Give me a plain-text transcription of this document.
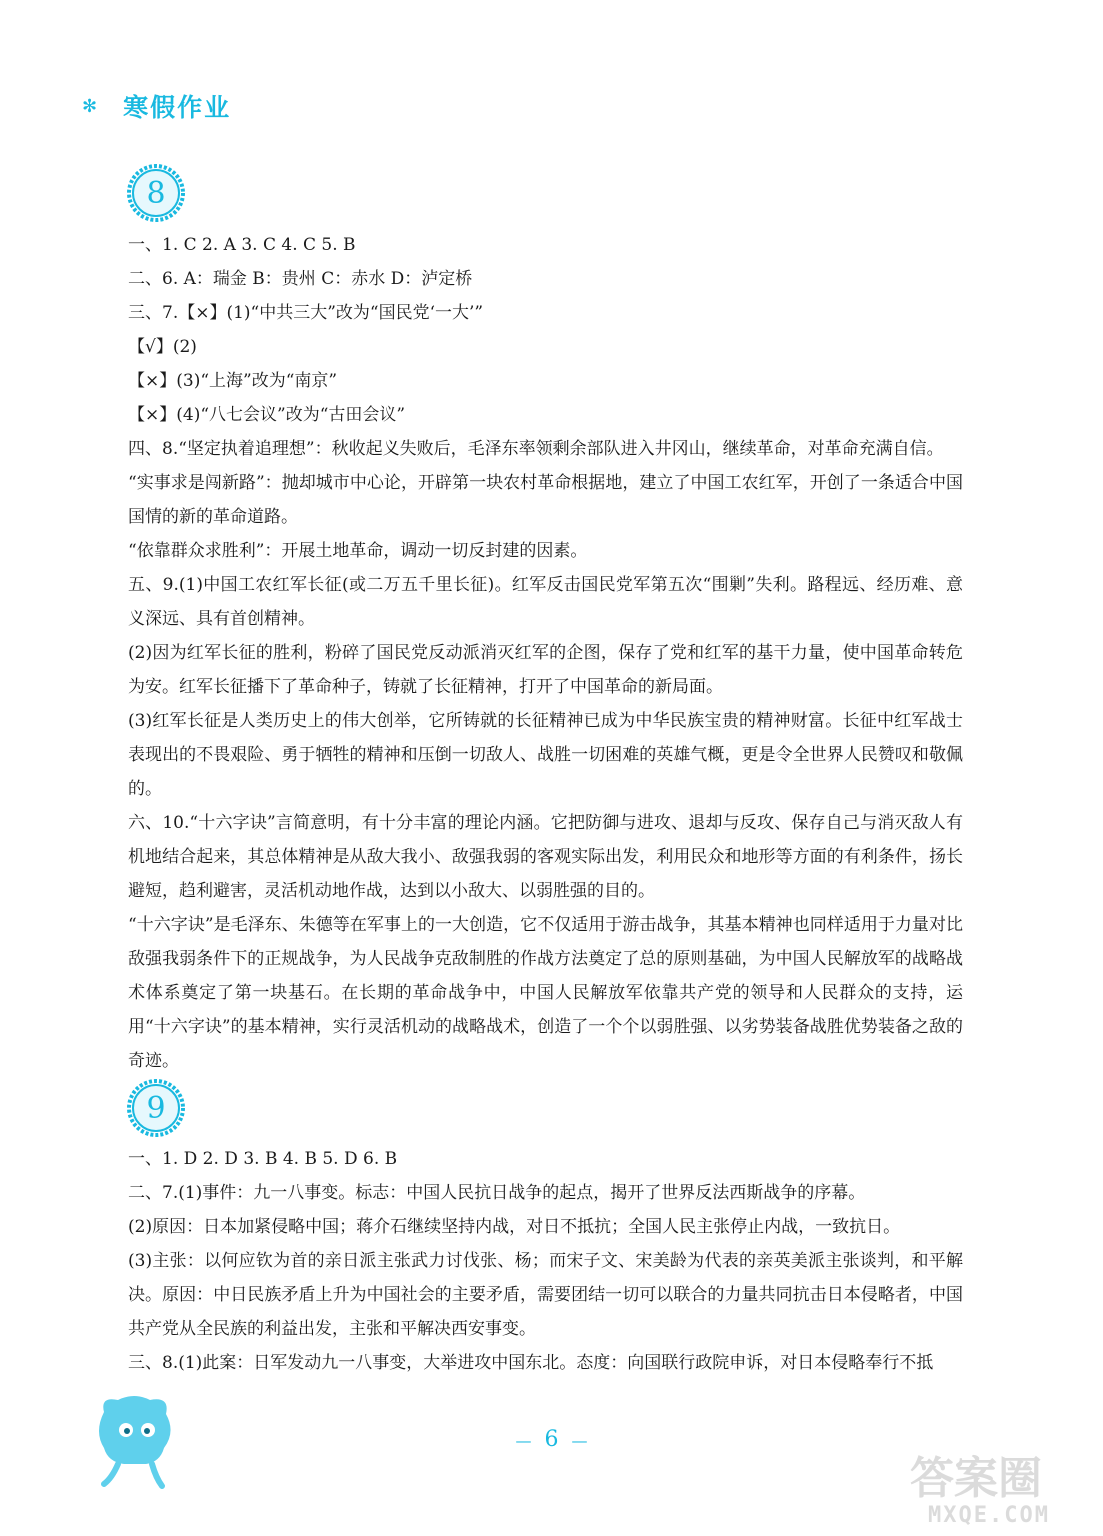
✻ 寒假作业
8
一、1. C 2. A 3. C 4. C 5. B
二、6. A：瑞金 B：贵州 C：赤水 D：泸定桥
三、7.【×】(1)“中共三大”改为“国民党‘一大’”
【√】(2)
【×】(3)“上海”改为“南京”
【×】(4)“八七会议”改为“古田会议”
四、8.“坚定执着追理想”：秋收起义失败后，毛泽东率领剩余部队进入井冈山，继续革命，对革命充满自信。
“实事求是闯新路”：抛却城市中心论，开辟第一块农村革命根据地，建立了中国工农红军，开创了一条适合中国国情的新的革命道路。
“依靠群众求胜利”：开展土地革命，调动一切反封建的因素。
五、9.(1)中国工农红军长征(或二万五千里长征)。红军反击国民党军第五次“围剿”失利。路程远、经历难、意义深远、具有首创精神。
(2)因为红军长征的胜利，粉碎了国民党反动派消灭红军的企图，保存了党和红军的基干力量，使中国革命转危为安。红军长征播下了革命种子，铸就了长征精神，打开了中国革命的新局面。
(3)红军长征是人类历史上的伟大创举，它所铸就的长征精神已成为中华民族宝贵的精神财富。长征中红军战士表现出的不畏艰险、勇于牺牲的精神和压倒一切敌人、战胜一切困难的英雄气概，更是令全世界人民赞叹和敬佩的。
六、10.“十六字诀”言简意明，有十分丰富的理论内涵。它把防御与进攻、退却与反攻、保存自己与消灭敌人有机地结合起来，其总体精神是从敌大我小、敌强我弱的客观实际出发，利用民众和地形等方面的有利条件，扬长避短，趋利避害，灵活机动地作战，达到以小敌大、以弱胜强的目的。
“十六字诀”是毛泽东、朱德等在军事上的一大创造，它不仅适用于游击战争，其基本精神也同样适用于力量对比敌强我弱条件下的正规战争，为人民战争克敌制胜的作战方法奠定了总的原则基础，为中国人民解放军的战略战术体系奠定了第一块基石。在长期的革命战争中，中国人民解放军依靠共产党的领导和人民群众的支持，运用“十六字诀”的基本精神，实行灵活机动的战略战术，创造了一个个以弱胜强、以劣势装备战胜优势装备之敌的奇迹。
9
一、1. D 2. D 3. B 4. B 5. D 6. B
二、7.(1)事件：九一八事变。标志：中国人民抗日战争的起点，揭开了世界反法西斯战争的序幕。
(2)原因：日本加紧侵略中国；蒋介石继续坚持内战，对日不抵抗；全国人民主张停止内战，一致抗日。
(3)主张：以何应钦为首的亲日派主张武力讨伐张、杨；而宋子文、宋美龄为代表的亲英美派主张谈判，和平解决。原因：中日民族矛盾上升为中国社会的主要矛盾，需要团结一切可以联合的力量共同抗击日本侵略者，中国共产党从全民族的利益出发，主张和平解决西安事变。
三、8.(1)此案：日军发动九一八事变，大举进攻中国东北。态度：向国联行政院申诉，对日本侵略奉行不抵
— 6 —
答案圈
MXQE.COM
